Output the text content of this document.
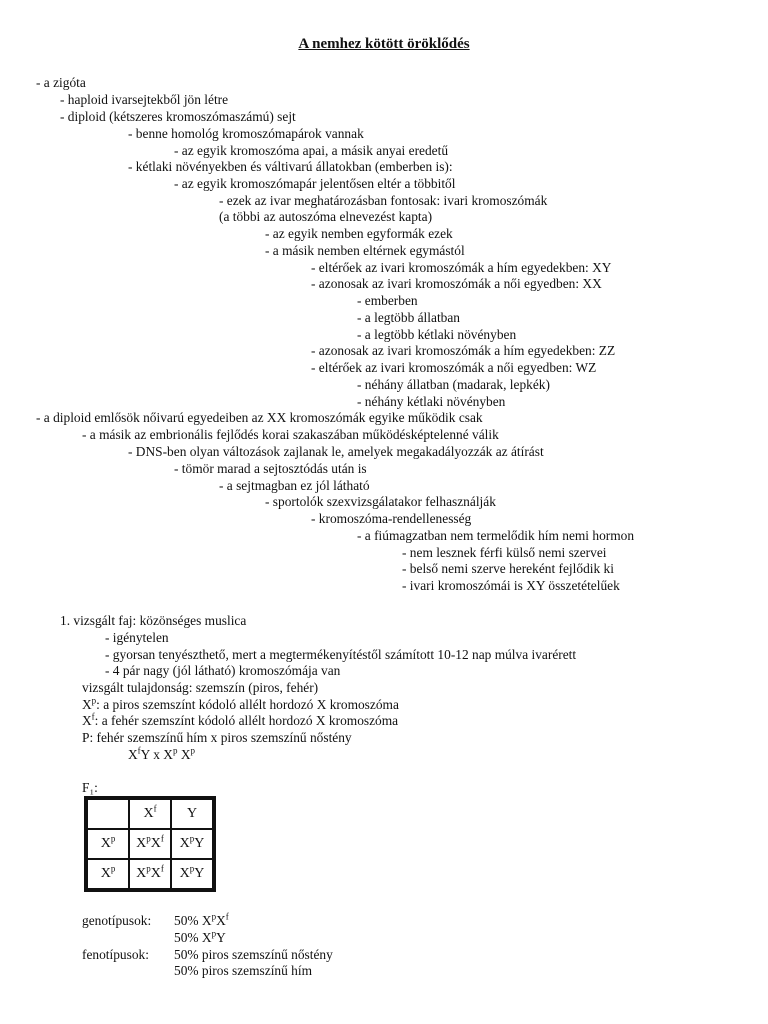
A nemhez kötött öröklődés
- a zigóta
- haploid ivarsejtekből jön létre
- diploid (kétszeres kromoszómaszámú) sejt
- benne homológ kromoszómapárok vannak
- az egyik kromoszóma apai, a másik anyai eredetű
- kétlaki növényekben és váltivarú állatokban (emberben is):
- az egyik kromoszómapár jelentősen eltér a többitől
- ezek az ivar meghatározásban fontosak: ivari kromoszómák
(a többi az autoszóma elnevezést kapta)
- az egyik nemben egyformák ezek
- a másik nemben eltérnek egymástól
- eltérőek az ivari kromoszómák a hím egyedekben: XY
- azonosak az ivari kromoszómák a női egyedben: XX
- emberben
- a legtöbb állatban
- a legtöbb kétlaki növényben
- azonosak az ivari kromoszómák a hím egyedekben: ZZ
- eltérőek az ivari kromoszómák a női egyedben: WZ
- néhány állatban (madarak, lepkék)
- néhány kétlaki növényben
- a diploid emlősök nőivarú egyedeiben az XX kromoszómák egyike működik csak
- a másik az embrionális fejlődés korai szakaszában működésképtelenné válik
- DNS-ben olyan változások zajlanak le, amelyek megakadályozzák az átírást
- tömör marad a sejtosztódás után is
- a sejtmagban ez jól látható
- sportolók szexvizsgálatakor felhasználják
- kromoszóma-rendellenesség
- a fiúmagzatban nem termelődik hím nemi hormon
- nem lesznek férfi külső nemi szervei
- belső nemi szerve hereként fejlődik ki
- ivari kromoszómái is XY összetételűek
1. vizsgált faj: közönséges muslica
- igénytelen
- gyorsan tenyészthető, mert a megtermékenyítéstől számított 10-12 nap múlva ivarérett
- 4 pár nagy (jól látható) kromoszómája van
vizsgált tulajdonság: szemszín (piros, fehér)
$X^p$: a piros szemszínt kódoló allélt hordozó X kromoszóma
$X^f$: a fehér szemszínt kódoló allélt hordozó X kromoszóma
P: fehér szemszínű hím x piros szemszínű nőstény
$X^fY$ x $X^p$ $X^p$
F₁:
	$X^f$	Y
$X^p$	$X^pX^f$	$X^pY$
$X^p$	$X^pX^f$	$X^pY$
genotípusok: 50% $X^pX^f$
50% $X^pY$
fenotípusok: 50% piros szemszínű nőstény
50% piros szemszínű hím
